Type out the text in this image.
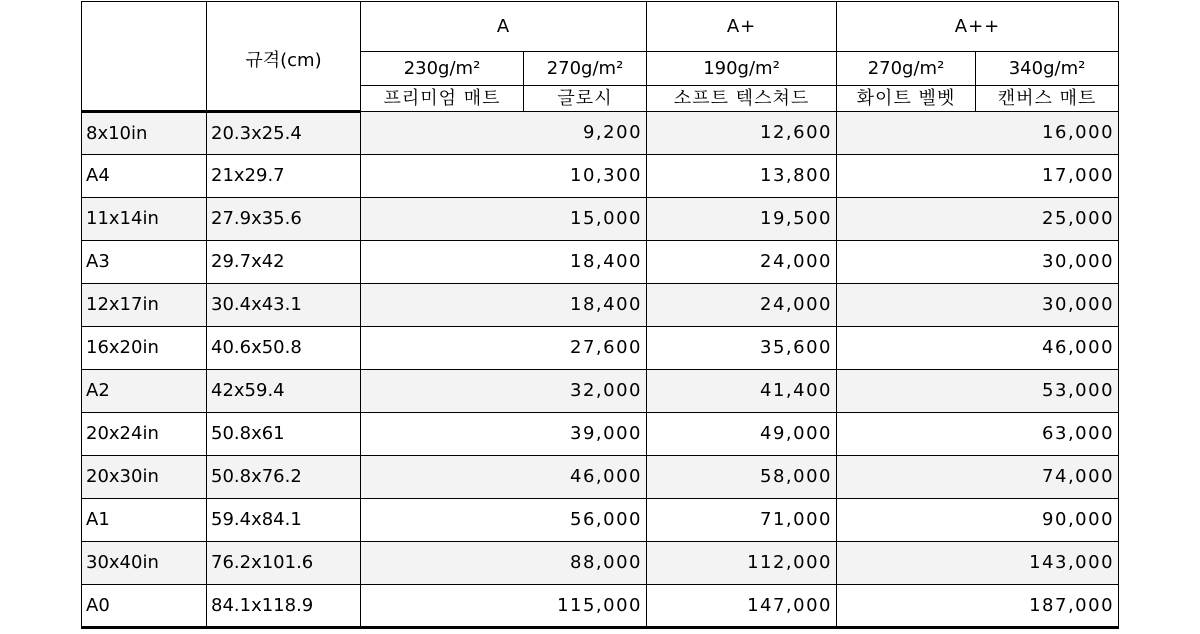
	규격(cm)	A		A+	A++	
		230g/m²	270g/m²	190g/m²	270g/m²	340g/m²
		프리미엄 매트	글로시	소프트 텍스쳐드	화이트 벨벳	캔버스 매트
8x10in	20.3x25.4	9,200		12,600	16,000	
A4	21x29.7	10,300		13,800	17,000	
11x14in	27.9x35.6	15,000		19,500	25,000	
A3	29.7x42	18,400		24,000	30,000	
12x17in	30.4x43.1	18,400		24,000	30,000	
16x20in	40.6x50.8	27,600		35,600	46,000	
A2	42x59.4	32,000		41,400	53,000	
20x24in	50.8x61	39,000		49,000	63,000	
20x30in	50.8x76.2	46,000		58,000	74,000	
A1	59.4x84.1	56,000		71,000	90,000	
30x40in	76.2x101.6	88,000		112,000	143,000	
A0	84.1x118.9	115,000		147,000	187,000	
